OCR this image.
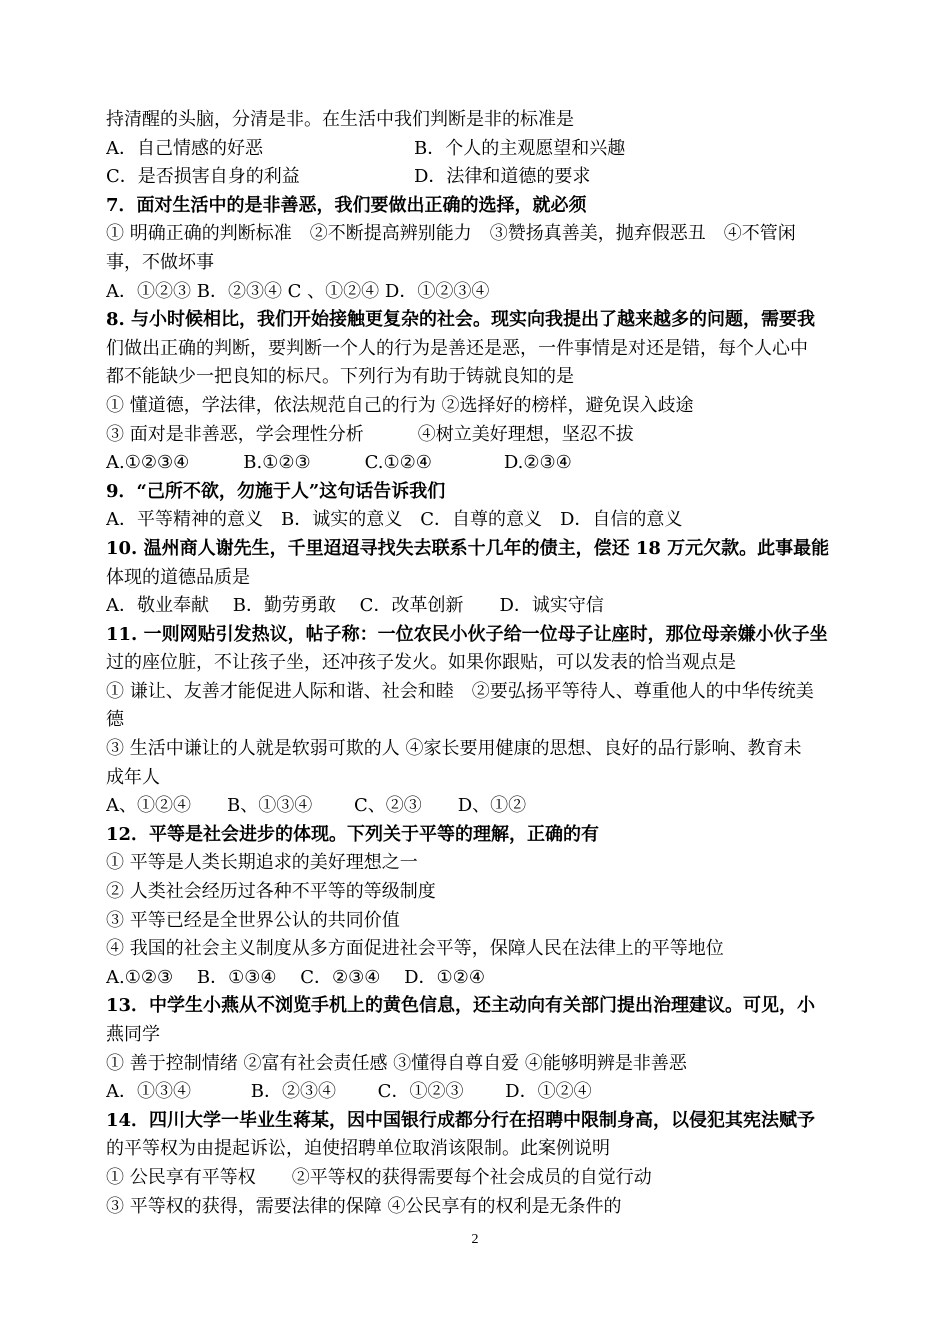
持清醒的头脑，分清是非。在生活中我们判断是非的标准是

A．自己情感的好恶

	B．个人的主观愿望和兴趣

C．是否损害自身的利益

	D．法律和道德的要求

7．面对生活中的是非善恶，我们要做出正确的选择，就必须
① 明确正确的判断标准　②不断提高辨别能力　③赞扬真善美，抛弃假恶丑　④不管闲
事，不做坏事
A．①②③ B．②③④ C 、①②④ D．①②③④
8. 与小时候相比，我们开始接触更复杂的社会。现实向我提出了越来越多的问题，需要我
们做出正确的判断，要判断一个人的行为是善还是恶，一件事情是对还是错，每个人心中
都不能缺少一把良知的标尺。下列行为有助于铸就良知的是
① 懂道德，学法律，依法规范自己的行为 ②选择好的榜样，避免误入歧途
③ 面对是非善恶，学会理性分析　　　④树立美好理想，坚忍不拔
A.①②③④　　　B.①②③　　　C.①②④　　　　D.②③④
9．“己所不欲，勿施于人”这句话告诉我们
A．平等精神的意义　B．诚实的意义　C．自尊的意义　D．自信的意义
10. 温州商人谢先生，千里迢迢寻找失去联系十几年的债主，偿还 18 万元欠款。此事最能
体现的道德品质是
A．敬业奉献　 B．勤劳勇敢　 C．改革创新　　D．诚实守信
11. 一则网贴引发热议，帖子称：一位农民小伙子给一位母子让座时，那位母亲嫌小伙子坐
过的座位脏，不让孩子坐，还冲孩子发火。如果你跟贴，可以发表的恰当观点是
① 谦让、友善才能促进人际和谐、社会和睦　②要弘扬平等待人、尊重他人的中华传统美
德
③ 生活中谦让的人就是软弱可欺的人 ④家长要用健康的思想、良好的品行影响、教育未
成年人
A、①②④　　B、①③④　　 C、②③　　D、①②
12．平等是社会进步的体现。下列关于平等的理解，正确的有
① 平等是人类长期追求的美好理想之一
② 人类社会经历过各种不平等的等级制度
③ 平等已经是全世界公认的共同价值
④ 我国的社会主义制度从多方面促进社会平等，保障人民在法律上的平等地位
A.①②③　 B．①③④　 C．②③④　 D．①②④
13．中学生小燕从不浏览手机上的黄色信息，还主动向有关部门提出治理建议。可见，小
燕同学
① 善于控制情绪 ②富有社会责任感 ③懂得自尊自爱 ④能够明辨是非善恶
A．①③④　　　 B．②③④　　 C．①②③　　 D．①②④
14．四川大学一毕业生蒋某，因中国银行成都分行在招聘中限制身高，以侵犯其宪法赋予
的平等权为由提起诉讼，迫使招聘单位取消该限制。此案例说明
① 公民享有平等权　　②平等权的获得需要每个社会成员的自觉行动
③ 平等权的获得，需要法律的保障 ④公民享有的权利是无条件的
2
